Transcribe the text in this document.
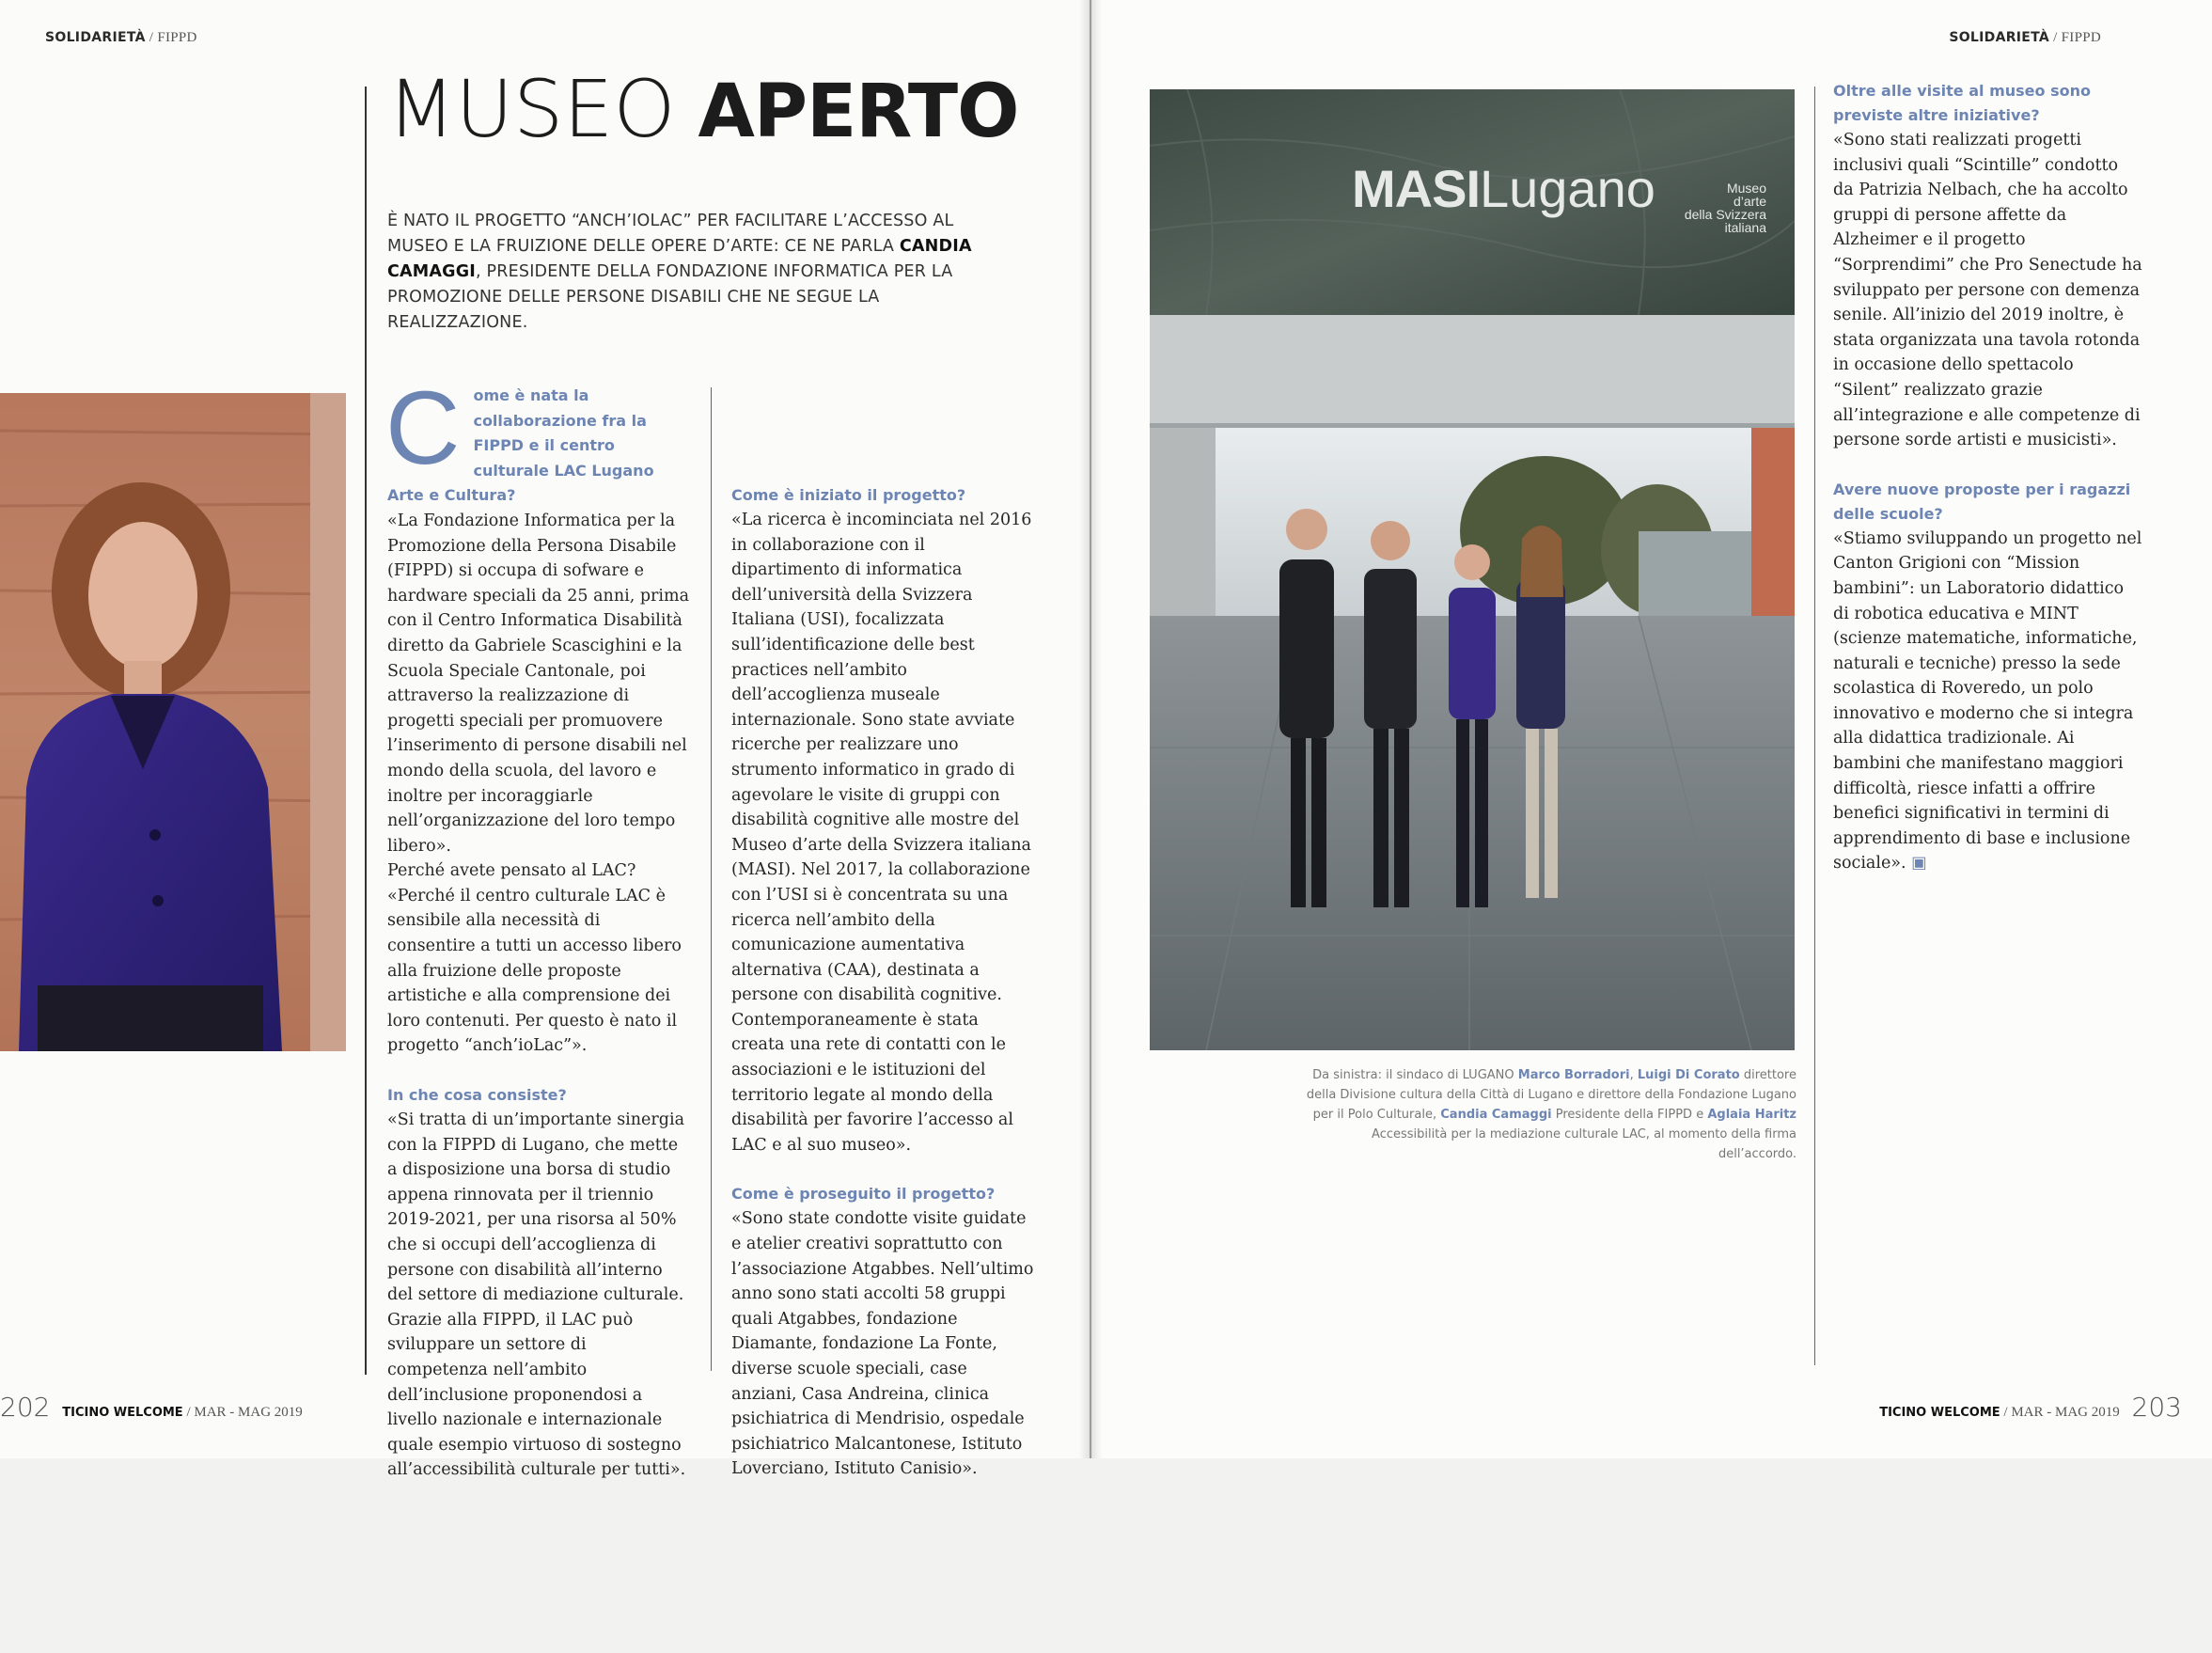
SOLIDARIETÀ / FIPPD	SOLIDARIETÀ / FIPPD
MUSEO APERTO
È NATO IL PROGETTO “ANCH’IOLAC” PER FACILITARE L’ACCESSO AL MUSEO E LA FRUIZIONE DELLE OPERE D’ARTE: CE NE PARLA CANDIA CAMAGGI, PRESIDENTE DELLA FONDAZIONE INFORMATICA PER LA PROMOZIONE DELLE PERSONE DISABILI CHE NE SEGUE LA REALIZZAZIONE.
C ome è nata la collaborazione fra la FIPPD e il centro culturale LAC Lugano Arte e Cultura?

«La Fondazione Informatica per la Promozione della Persona Disabile (FIPPD) si occupa di sofware e hardware speciali da 25 anni, prima con il Centro Informatica Disabilità diretto da Gabriele Scascighini e la Scuola Speciale Cantonale, poi attraverso la realizzazione di progetti speciali per promuovere l’inserimento di persone disabili nel mondo della scuola, del lavoro e inoltre per incoraggiarle nell’organizzazione del loro tempo libero».

Perché avete pensato al LAC?

«Perché il centro culturale LAC è sensibile alla necessità di consentire a tutti un accesso libero alla fruizione delle proposte artistiche e alla comprensione dei loro contenuti. Per questo è nato il progetto “anch’ioLac”».

In che cosa consiste?

«Si tratta di un’importante sinergia con la FIPPD di Lugano, che mette a disposizione una borsa di studio appena rinnovata per il triennio 2019-2021, per una risorsa al 50% che si occupi dell’accoglienza di persone con disabilità all’interno del settore di mediazione culturale. Grazie alla FIPPD, il LAC può sviluppare un settore di competenza nell’ambito dell’inclusione proponendosi a livello nazionale e internazionale quale esempio virtuoso di sostegno all’accessibilità culturale per tutti».

Come è iniziato il progetto?

«La ricerca è incominciata nel 2016 in collaborazione con il dipartimento di informatica dell’università della Svizzera Italiana (USI), focalizzata sull’identificazione delle best practices nell’ambito dell’accoglienza museale internazionale. Sono state avviate ricerche per realizzare uno strumento informatico in grado di agevolare le visite di gruppi con disabilità cognitive alle mostre del Museo d’arte della Svizzera italiana (MASI). Nel 2017, la collaborazione con l’USI si è concentrata su una ricerca nell’ambito della comunicazione aumentativa alternativa (CAA), destinata a persone con disabilità cognitive. Contemporaneamente è stata creata una rete di contatti con le associazioni e le istituzioni del territorio legate al mondo della disabilità per favorire l’accesso al LAC e al suo museo».

Come è proseguito il progetto?

«Sono state condotte visite guidate e atelier creativi soprattutto con l’associazione Atgabbes. Nell’ultimo anno sono stati accolti 58 gruppi quali Atgabbes, fondazione Diamante, fondazione La Fonte, diverse scuole speciali, case anziani, Casa Andreina, clinica psichiatrica di Mendrisio, ospedale psichiatrico Malcantonese, Istituto Loverciano, Istituto Canisio».

MASILugano	Museo
d’arte
della Svizzera
italiana
Da sinistra: il sindaco di LUGANO Marco Borradori, Luigi Di Corato direttore della Divisione cultura della Città di Lugano e direttore della Fondazione Lugano per il Polo Culturale, Candia Camaggi Presidente della FIPPD e Aglaia Haritz Accessibilità per la mediazione culturale LAC, al momento della firma dell’accordo.

Oltre alle visite al museo sono previste altre iniziative?

«Sono stati realizzati progetti inclusivi quali “Scintille” condotto da Patrizia Nelbach, che ha accolto gruppi di persone affette da Alzheimer e il progetto “Sorprendimi” che Pro Senectude ha sviluppato per persone con demenza senile. All’inizio del 2019 inoltre, è stata organizzata una tavola rotonda in occasione dello spettacolo “Silent” realizzato grazie all’integrazione e alle competenze di persone sorde artisti e musicisti».

Avere nuove proposte per i ragazzi delle scuole?

«Stiamo sviluppando un progetto nel Canton Grigioni con “Mission bambini”: un Laboratorio didattico di robotica educativa e MINT (scienze matematiche, informatiche, naturali e tecniche) presso la sede scolastica di Roveredo, un polo innovativo e moderno che si integra alla didattica tradizionale. Ai bambini che manifestano maggiori difficoltà, riesce infatti a offrire benefici significativi in termini di apprendimento di base e inclusione sociale». ▣

202 TICINO WELCOME / MAR - MAG 2019	TICINO WELCOME / MAR - MAG 2019 203
